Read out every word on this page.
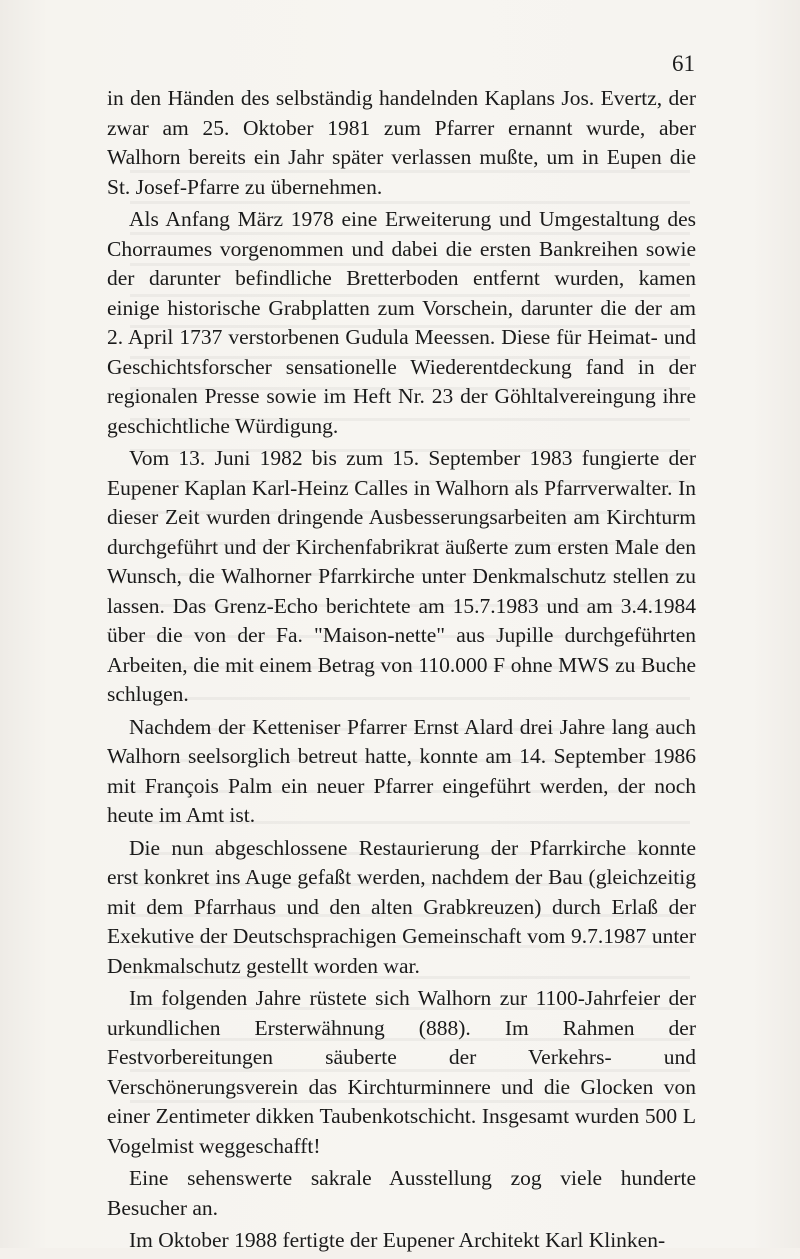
61

in den Händen des selbständig handelnden Kaplans Jos. Evertz, der zwar am 25. Oktober 1981 zum Pfarrer ernannt wurde, aber Walhorn bereits ein Jahr später verlassen mußte, um in Eupen die St. Josef-Pfarre zu übernehmen.

Als Anfang März 1978 eine Erweiterung und Umgestaltung des Chorraumes vorgenommen und dabei die ersten Bankreihen sowie der darunter befindliche Bretterboden entfernt wurden, kamen einige historische Grabplatten zum Vorschein, darunter die der am 2. April 1737 verstorbenen Gudula Meessen. Diese für Heimat- und Geschichtsforscher sensationelle Wiederentdeckung fand in der regionalen Presse sowie im Heft Nr. 23 der Göhltalvereingung ihre geschichtliche Würdigung.

Vom 13. Juni 1982 bis zum 15. September 1983 fungierte der Eupener Kaplan Karl-Heinz Calles in Walhorn als Pfarrverwalter. In dieser Zeit wurden dringende Ausbesserungsarbeiten am Kirchturm durchgeführt und der Kirchenfabrikrat äußerte zum ersten Male den Wunsch, die Walhorner Pfarrkirche unter Denkmalschutz stellen zu lassen. Das Grenz-Echo berichtete am 15.7.1983 und am 3.4.1984 über die von der Fa. "Maison-nette" aus Jupille durchgeführten Arbeiten, die mit einem Betrag von 110.000 F ohne MWS zu Buche schlugen.

Nachdem der Ketteniser Pfarrer Ernst Alard drei Jahre lang auch Walhorn seelsorglich betreut hatte, konnte am 14. September 1986 mit François Palm ein neuer Pfarrer eingeführt werden, der noch heute im Amt ist.

Die nun abgeschlossene Restaurierung der Pfarrkirche konnte erst konkret ins Auge gefaßt werden, nachdem der Bau (gleichzeitig mit dem Pfarrhaus und den alten Grabkreuzen) durch Erlaß der Exekutive der Deutschsprachigen Gemeinschaft vom 9.7.1987 unter Denkmalschutz gestellt worden war.

Im folgenden Jahre rüstete sich Walhorn zur 1100-Jahrfeier der urkundlichen Ersterwähnung (888). Im Rahmen der Festvorbereitungen säuberte der Verkehrs- und Verschönerungsverein das Kirchturminnere und die Glocken von einer Zentimeter dikken Taubenkotschicht. Insgesamt wurden 500 L Vogelmist weggeschafft!

Eine sehenswerte sakrale Ausstellung zog viele hunderte Besucher an.

Im Oktober 1988 fertigte der Eupener Architekt Karl Klinken-
